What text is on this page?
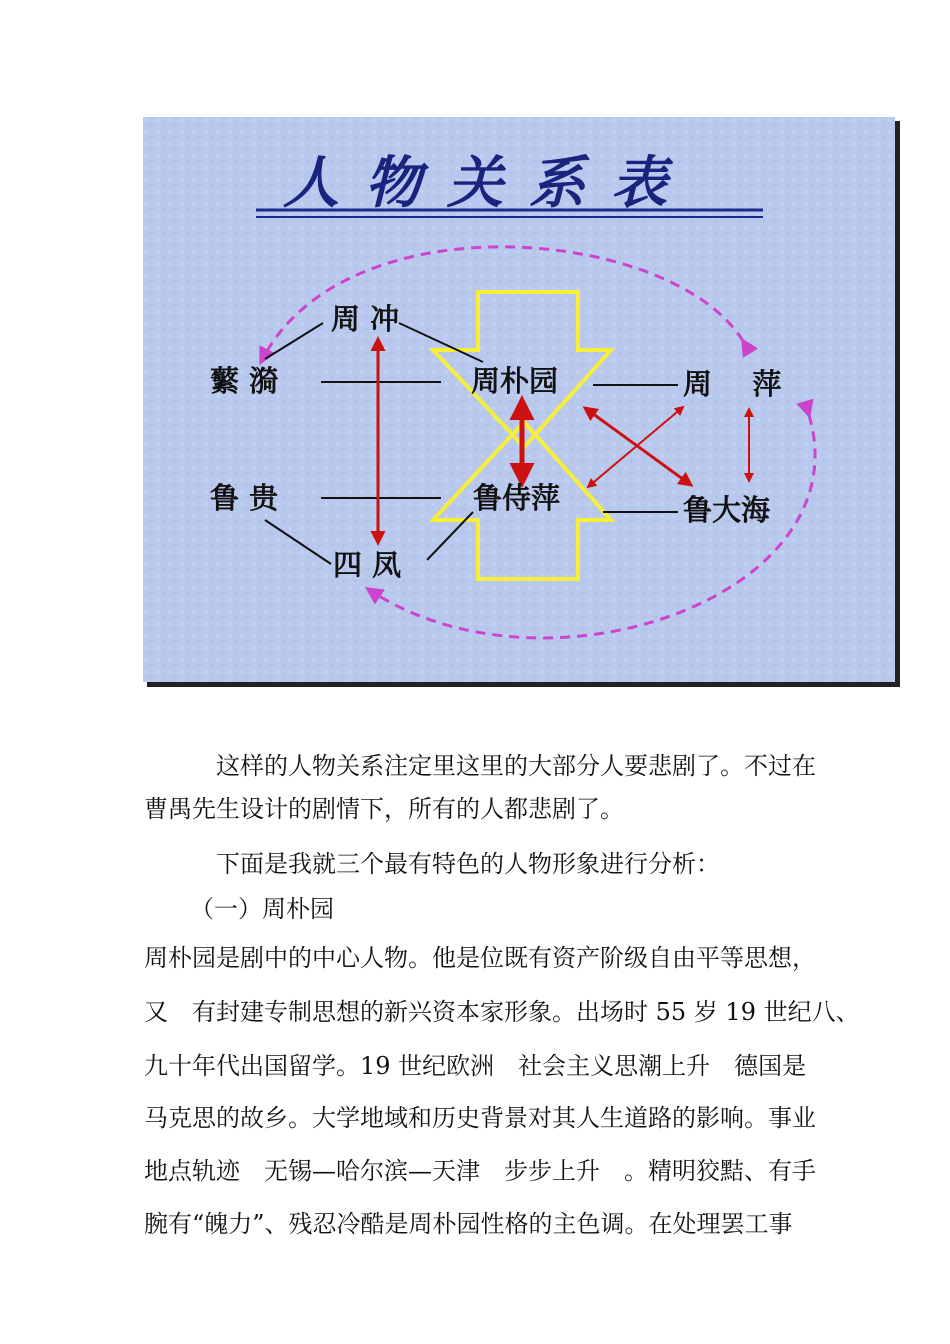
人物关系表
周 冲
蘩 漪	周朴园	周    萍
鲁 贵	鲁侍萍	鲁大海
四 凤

这样的人物关系注定里这里的大部分人要悲剧了。不过在

曹禺先生设计的剧情下，所有的人都悲剧了。

下面是我就三个最有特色的人物形象进行分析：

（一）周朴园

周朴园是剧中的中心人物。他是位既有资产阶级自由平等思想，

又　有封建专制思想的新兴资本家形象。出场时 55 岁 19 世纪八、

九十年代出国留学。19 世纪欧洲　社会主义思潮上升　德国是

马克思的故乡。大学地域和历史背景对其人生道路的影响。事业

地点轨迹　无锡—哈尔滨—天津　步步上升　。精明狡黠、有手

腕有“魄力”、残忍冷酷是周朴园性格的主色调。在处理罢工事
